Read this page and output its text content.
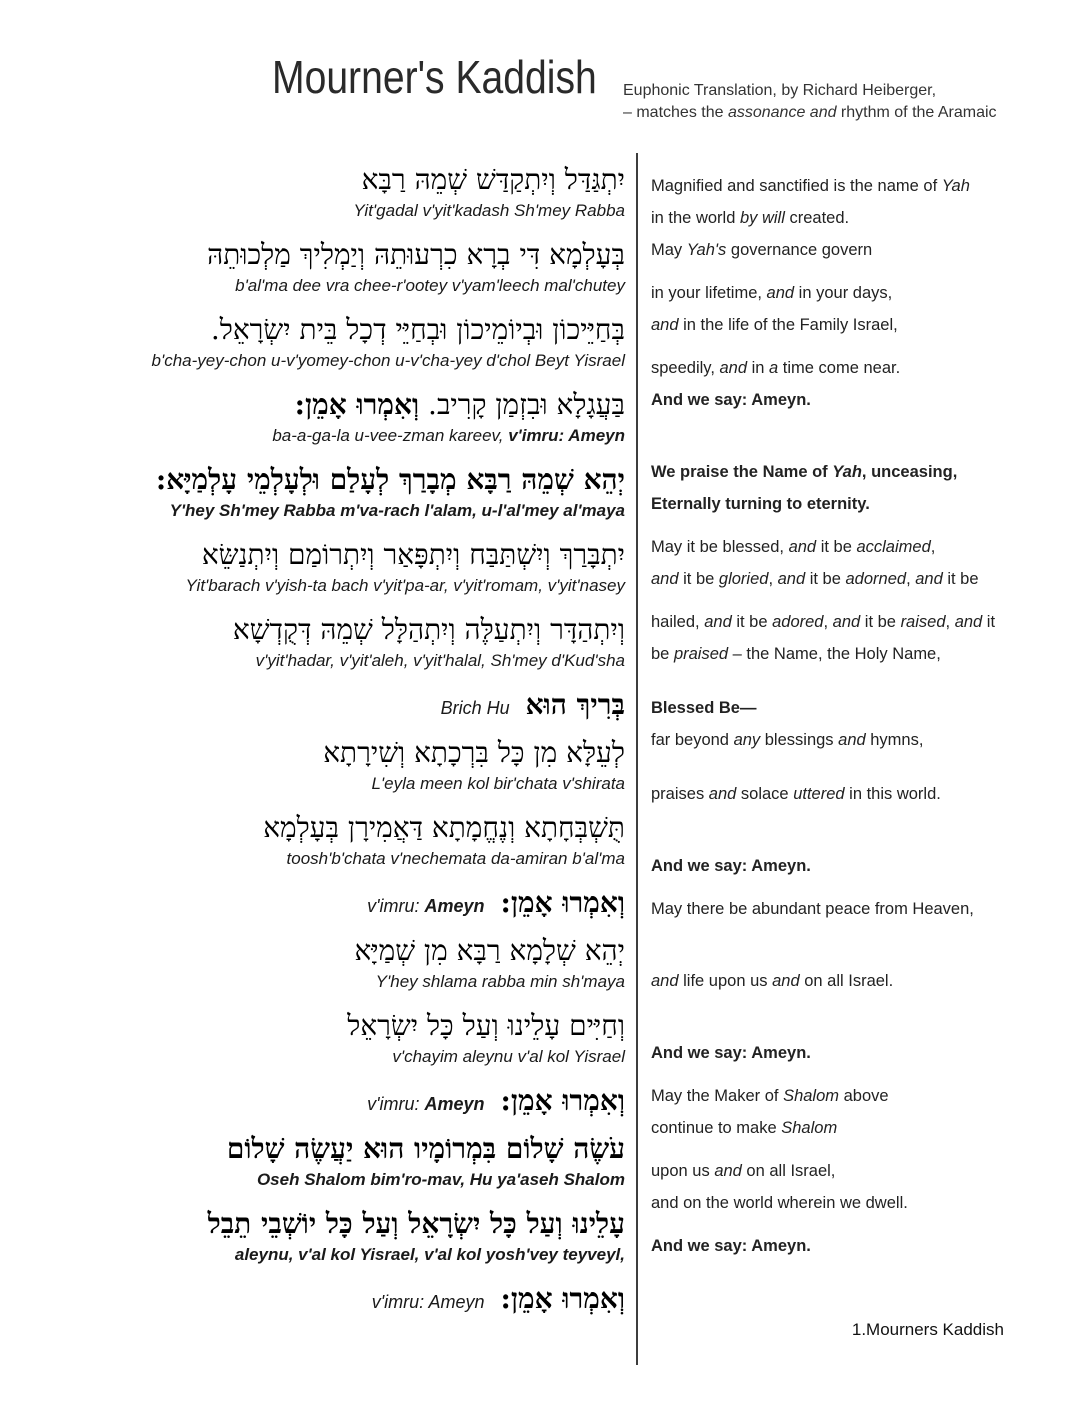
Mourner's Kaddish Euphonic Translation, by Richard Heiberger,
– matches the assonance and rhythm of the Aramaic
יִתְגַּדַּל וְיִתְקַדַּשׁ שְׁמֵהּ רַבָּא
Yit'gadal v'yit'kadash Sh'mey Rabba
בְּעָלְמָא דִּי בְרָא כִרְעוּתֵהּ וְיַמְלִיךְ מַלְכוּתֵהּ
b'al'ma dee vra chee-r'ootey v'yam'leech mal'chutey
בְּחַיֵּיכוֹן וּבְיוֹמֵיכוֹן וּבְחַיֵּי דְכָל בֵּית יִשְׂרָאֵל.
b'cha-yey-chon u-v'yomey-chon u-v'cha-yey d'chol Beyt Yisrael
בַּעֲגָלָא וּבִזְמַן קָרִיב. וְאִמְרוּ אָמֵן:
ba-a-ga-la u-vee-zman kareev, v'imru: Ameyn
יְהֵא שְׁמֵהּ רַבָּא מְבָרַךְ לְעָלַם וּלְעָלְמֵי עָלְמַיָּא:
Y'hey Sh'mey Rabba m'va-rach l'alam, u-l'al'mey al'maya
יִתְבָּרַךְ וְיִשְׁתַּבַּח וְיִתְפָּאַר וְיִתְרוֹמַם וְיִתְנַשֵּׂא
Yit'barach v'yish-ta bach v'yit'pa-ar, v'yit'romam, v'yit'nasey
וְיִתְהַדָּר וְיִתְעַלֶּה וְיִתְהַלָּל שְׁמֵהּ דְּקֻדְשָׁא
v'yit'hadar, v'yit'aleh, v'yit'halal, Sh'mey d'Kud'sha
בְּרִיךְ הוּאBrich Hu
לְעֵלָּא מִן כָּל בִּרְכָתָא וְשִׁירָתָא
L'eyla meen kol bir'chata v'shirata
תֻּשְׁבְּחָתָא וְנֶחֱמָתָא דַּאֲמִירָן בְּעָלְמָא
toosh'b'chata v'nechemata da-amiran b'al'ma
וְאִמְרוּ אָמֵן:v'imru: Ameyn
יְהֵא שְׁלָמָא רַבָּא מִן שְׁמַיָּא
Y'hey shlama rabba min sh'maya
וְחַיִּים עָלֵינוּ וְעַל כָּל יִשְׂרָאֵל
v'chayim aleynu v'al kol Yisrael
וְאִמְרוּ אָמֵן:v'imru: Ameyn
עֹשֶׂה שָׁלוֹם בִּמְרוֹמָיו הוּא יַעֲשֶׂה שָׁלוֹם
Oseh Shalom bim'ro-mav, Hu ya'aseh Shalom
עָלֵינוּ וְעַל כָּל יִשְׂרָאֵל וְעַל כָּל יוֹשְׁבֵי תֵבֵל
aleynu, v'al kol Yisrael, v'al kol yosh'vey teyveyl,
וְאִמְרוּ אָמֵן:v'imru: Ameyn
Magnified and sanctified is the name of Yah
in the world by will created.
May Yah's governance govern
in your lifetime, and in your days,
and in the life of the Family Israel,
speedily, and in a time come near.
And we say: Ameyn.
We praise the Name of Yah, unceasing,
Eternally turning to eternity.
May it be blessed, and it be acclaimed,
and it be gloried, and it be adorned, and it be
hailed, and it be adored, and it be raised, and it
be praised – the Name, the Holy Name,
Blessed Be—
far beyond any blessings and hymns,
praises and solace uttered in this world.
And we say: Ameyn.
May there be abundant peace from Heaven,
and life upon us and on all Israel.
And we say: Ameyn.
May the Maker of Shalom above
continue to make Shalom
upon us and on all Israel,
and on the world wherein we dwell.
And we say: Ameyn.
1.Mourners Kaddish
